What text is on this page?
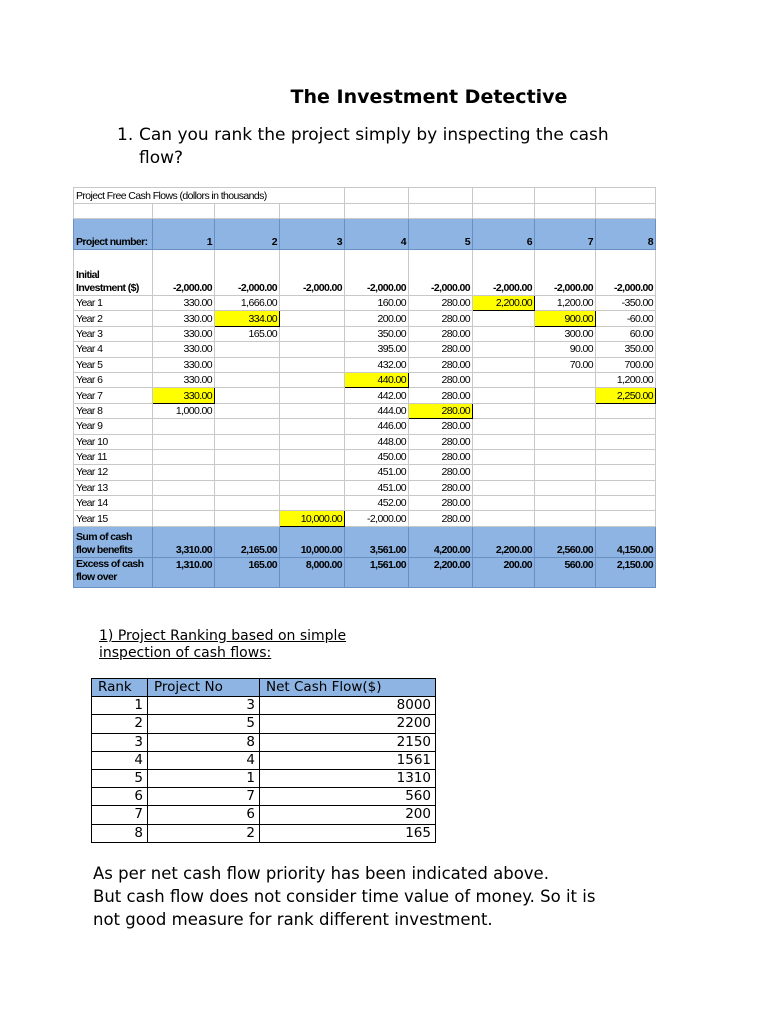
The Investment Detective
1. Can you rank the project simply by inspecting the cash
flow?
Project Free Cash Flows (dollors in thousands)								

Project number:	1	2	3	4	5	6	7	8

Initial Investment ($)	-2,000.00	-2,000.00	-2,000.00	-2,000.00	-2,000.00	-2,000.00	-2,000.00	-2,000.00
Year 1	330.00	1,666.00		160.00	280.00	2,200.00	1,200.00	-350.00
Year 2	330.00	334.00		200.00	280.00		900.00	-60.00
Year 3	330.00	165.00		350.00	280.00		300.00	60.00
Year 4	330.00			395.00	280.00		90.00	350.00
Year 5	330.00			432.00	280.00		70.00	700.00
Year 6	330.00			440.00	280.00			1,200.00
Year 7	330.00			442.00	280.00			2,250.00
Year 8	1,000.00			444.00	280.00			
Year 9				446.00	280.00			
Year 10				448.00	280.00			
Year 11				450.00	280.00			
Year 12				451.00	280.00			
Year 13				451.00	280.00			
Year 14				452.00	280.00			
Year 15			10,000.00	-2,000.00	280.00			

Sum of cash flow benefits	3,310.00	2,165.00	10,000.00	3,561.00	4,200.00	2,200.00	2,560.00	4,150.00

Excess of cash flow over	1,310.00	165.00	8,000.00	1,561.00	2,200.00	200.00	560.00	2,150.00
1) Project Ranking based on simple
inspection of cash flows:
Rank	Project No	Net Cash Flow($)
1	3	8000
2	5	2200
3	8	2150
4	4	1561
5	1	1310
6	7	560
7	6	200
8	2	165
As per net cash flow priority has been indicated above.
But cash flow does not consider time value of money. So it is
not good measure for rank different investment.
